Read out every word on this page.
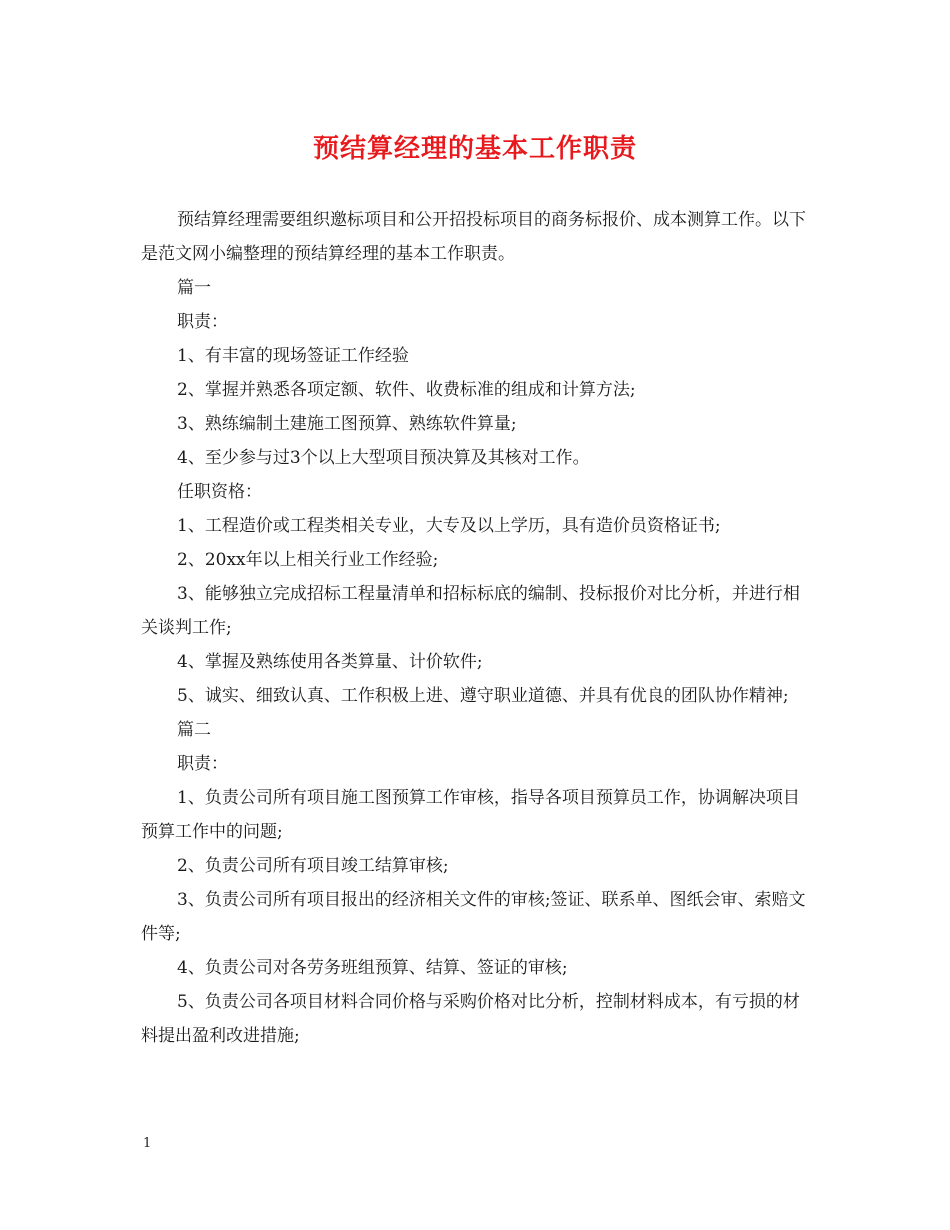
预结算经理的基本工作职责

预结算经理需要组织邀标项目和公开招投标项目的商务标报价、成本测算工作。以下是范文网小编整理的预结算经理的基本工作职责。

篇一

职责：

1、有丰富的现场签证工作经验

2、掌握并熟悉各项定额、软件、收费标准的组成和计算方法;

3、熟练编制土建施工图预算、熟练软件算量;

4、至少参与过3个以上大型项目预决算及其核对工作。

任职资格：

1、工程造价或工程类相关专业，大专及以上学历，具有造价员资格证书;

2、20xx年以上相关行业工作经验;

3、能够独立完成招标工程量清单和招标标底的编制、投标报价对比分析，并进行相关谈判工作;

4、掌握及熟练使用各类算量、计价软件;

5、诚实、细致认真、工作积极上进、遵守职业道德、并具有优良的团队协作精神;

篇二

职责：

1、负责公司所有项目施工图预算工作审核，指导各项目预算员工作，协调解决项目预算工作中的问题;

2、负责公司所有项目竣工结算审核;

3、负责公司所有项目报出的经济相关文件的审核;签证、联系单、图纸会审、索赔文件等;

4、负责公司对各劳务班组预算、结算、签证的审核;

5、负责公司各项目材料合同价格与采购价格对比分析，控制材料成本，有亏损的材料提出盈利改进措施;

1
